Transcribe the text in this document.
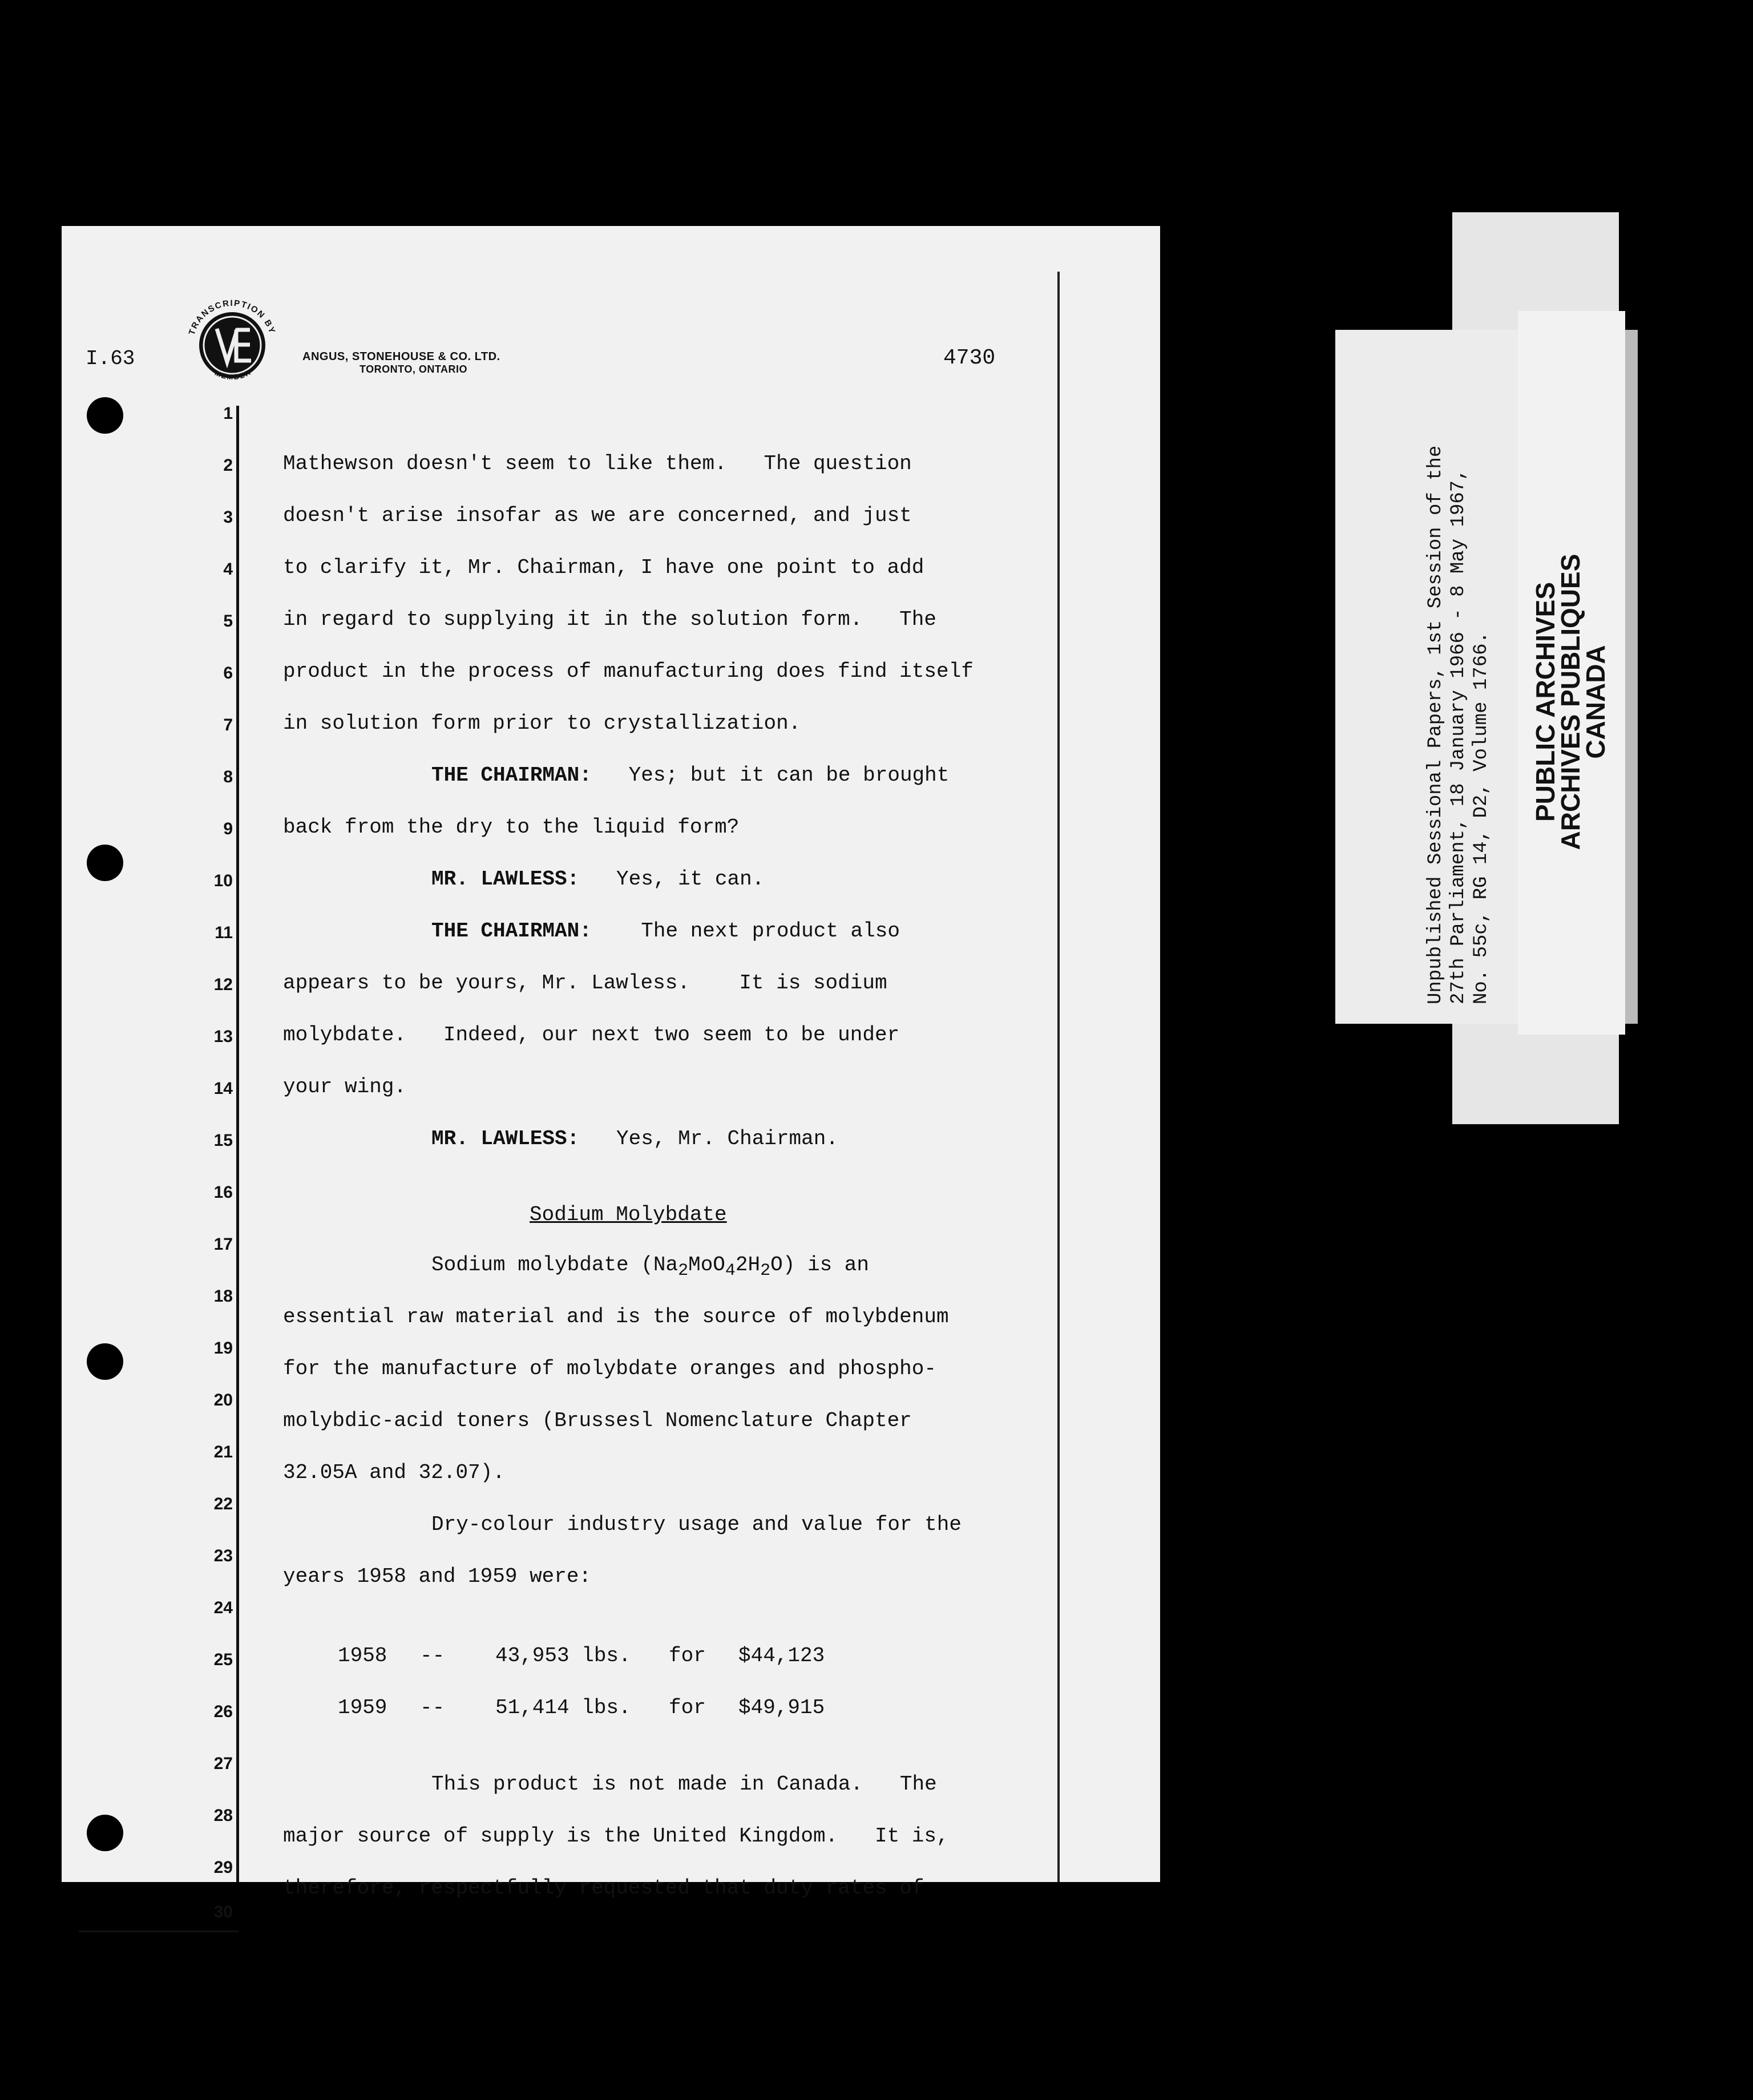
I.63
TRANSCRIPTION BY
MEMBER
ANGUS, STONEHOUSE & CO. LTD.
TORONTO, ONTARIO	4730
1
2
3
4
5
6
7
8
9
10
11
12
13
14
15
16
17
18
19
20
21
22
23
24
25
26
27
28
29
30
Mathewson doesn't seem to like them.   The question
doesn't arise insofar as we are concerned, and just
to clarify it, Mr. Chairman, I have one point to add
in regard to supplying it in the solution form.   The
product in the process of manufacturing does find itself
in solution form prior to crystallization.
THE CHAIRMAN:   Yes; but it can be brought
back from the dry to the liquid form?
MR. LAWLESS:   Yes, it can.
THE CHAIRMAN:    The next product also
appears to be yours, Mr. Lawless.    It is sodium
molybdate.   Indeed, our next two seem to be under
your wing.
MR. LAWLESS:   Yes, Mr. Chairman.
Sodium Molybdate
Sodium molybdate $(Na_2MoO_42H_2O)$ is an
essential raw material and is the source of molybdenum
for the manufacture of molybdate oranges and phospho-
molybdic-acid toners (Brussesl Nomenclature Chapter
32.05A and 32.07).
Dry-colour industry usage and value for the
years 1958 and 1959 were:
1958 -- 43,953 lbs. for $44,123
1959 -- 51,414 lbs. for $49,915
This product is not made in Canada.   The
major source of supply is the United Kingdom.   It is,
therefore, respectfully requested that duty rates of
Unpublished Sessional Papers, 1st Session of the 27th Parliament, 18 January 1966 - 8 May 1967, No. 55c, RG 14, D2, Volume 1766. PUBLIC ARCHIVES
ARCHIVES PUBLIQUES
CANADA
